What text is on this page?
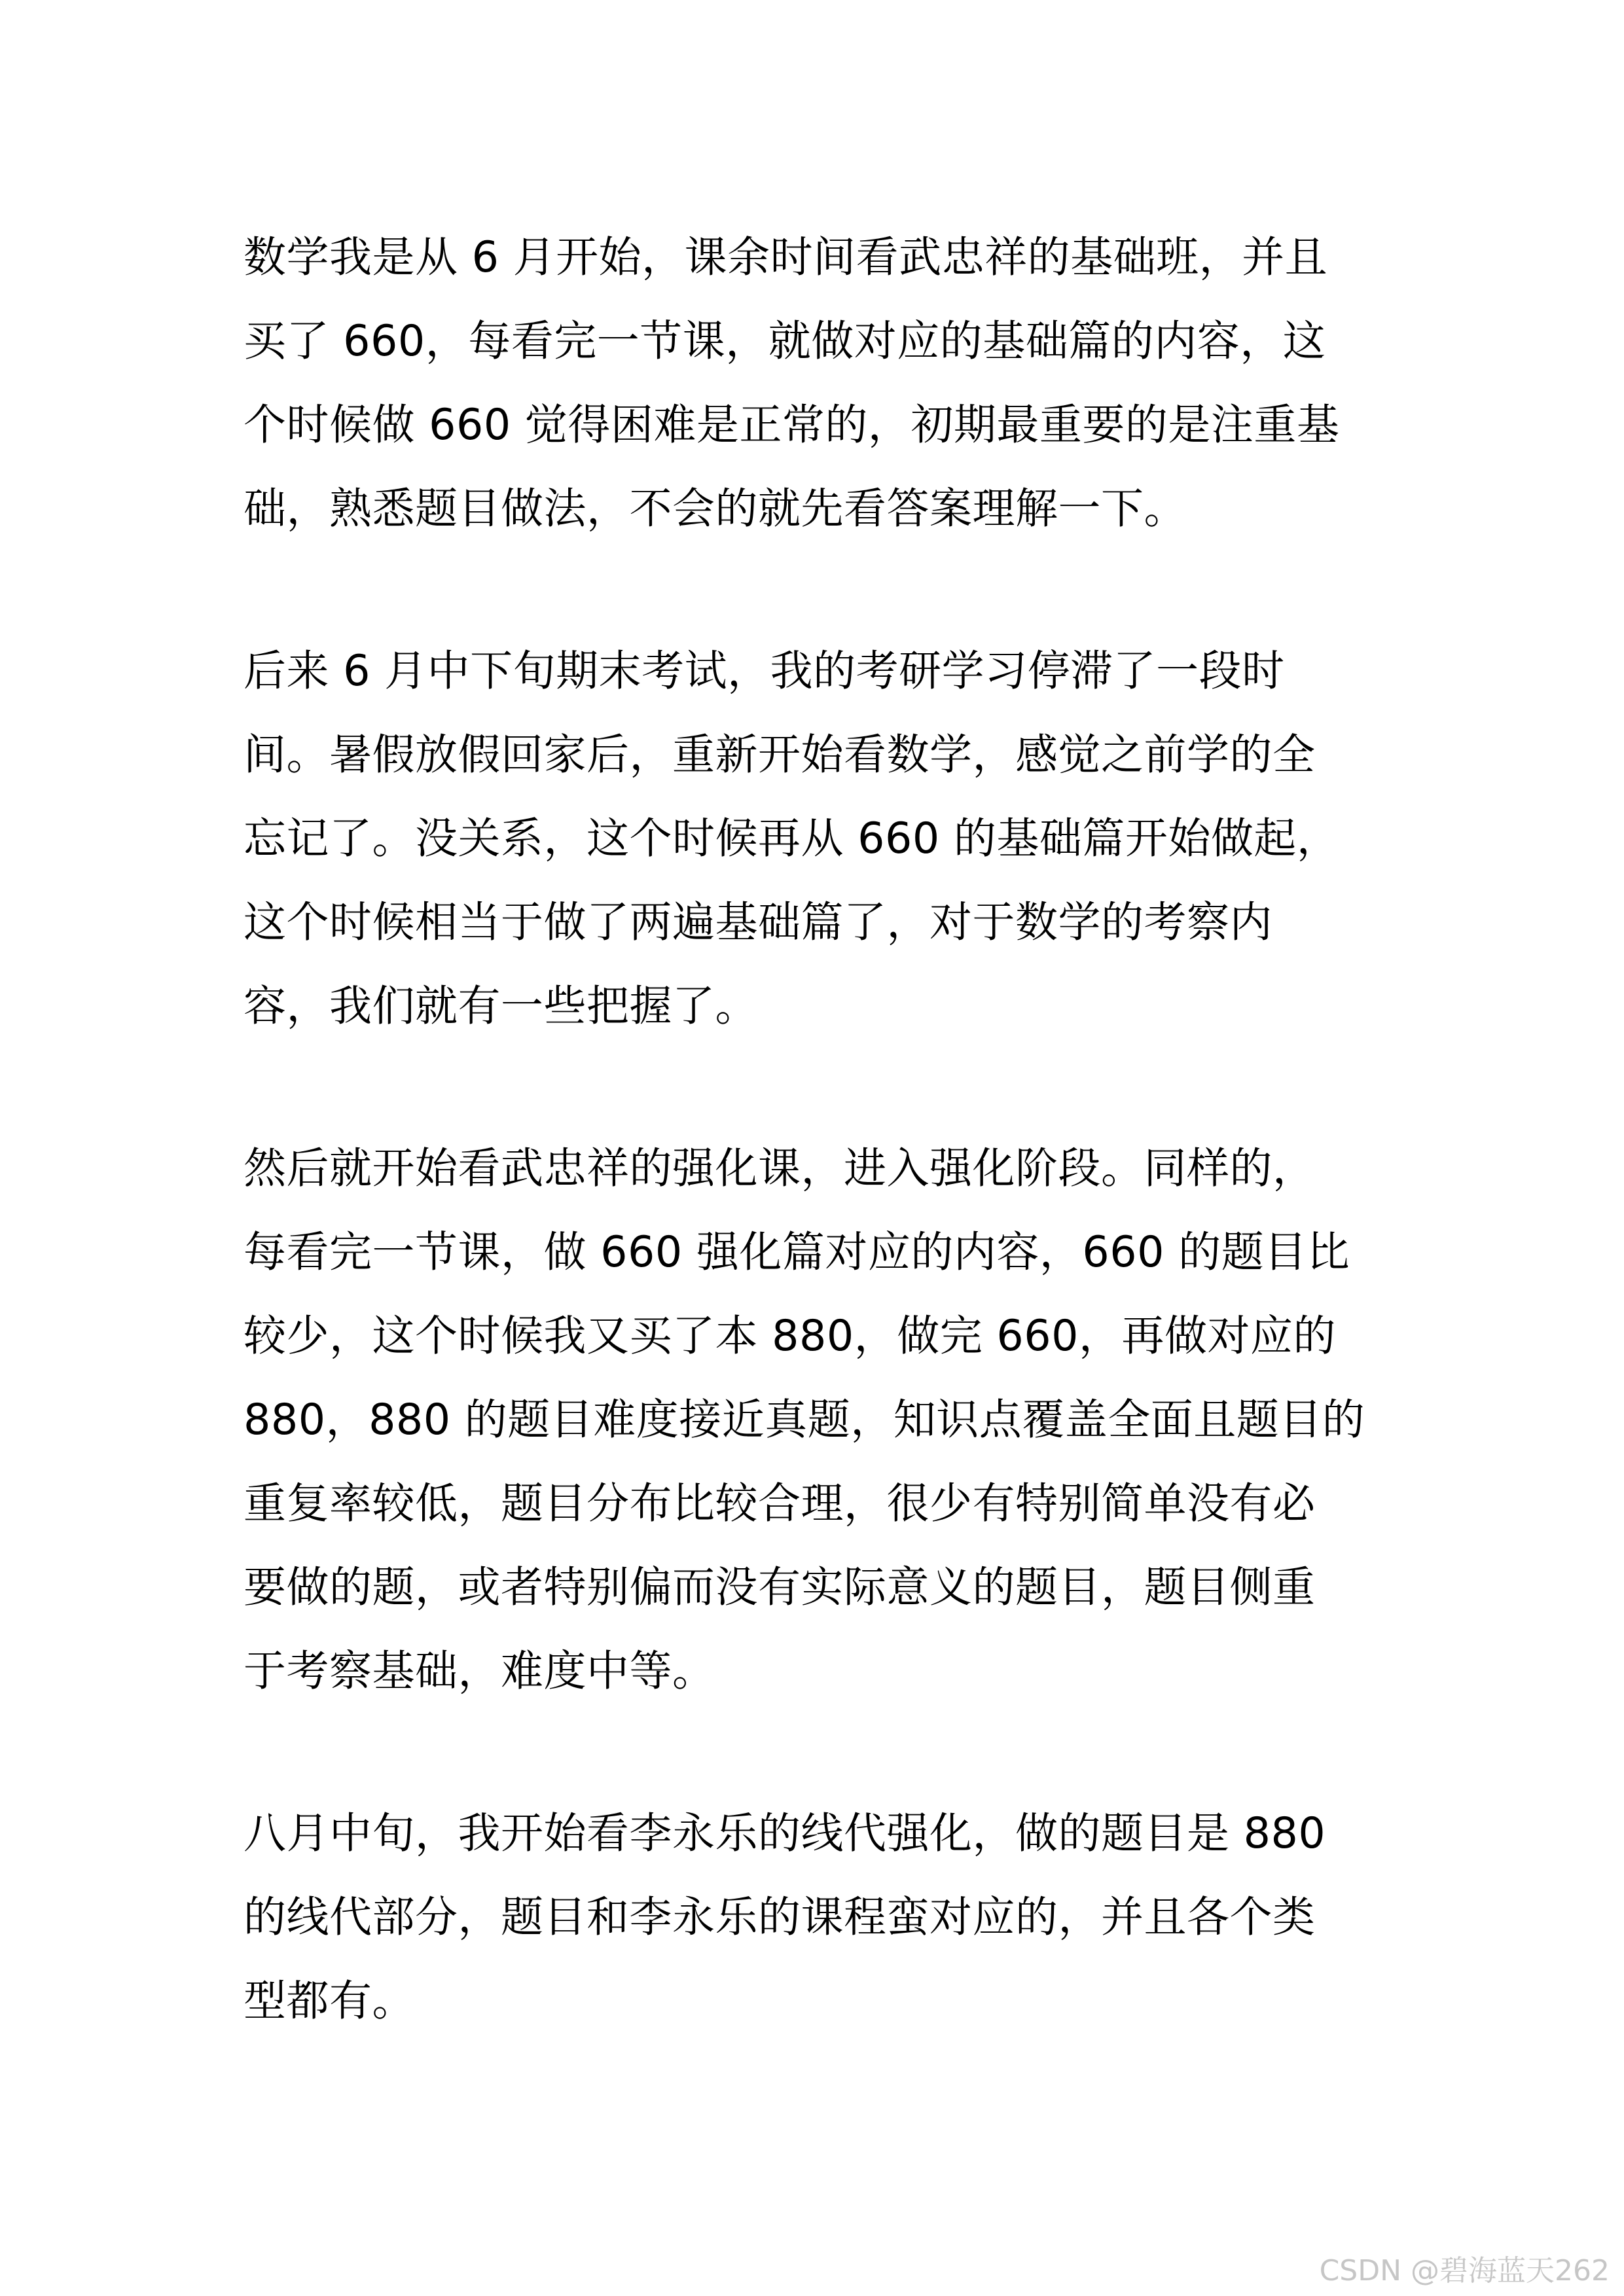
数学我是从 6 月开始，课余时间看武忠祥的基础班，并且
买了 660，每看完一节课，就做对应的基础篇的内容，这
个时候做 660 觉得困难是正常的，初期最重要的是注重基
础，熟悉题目做法，不会的就先看答案理解一下。
后来 6 月中下旬期末考试，我的考研学习停滞了一段时
间。暑假放假回家后，重新开始看数学，感觉之前学的全
忘记了。没关系，这个时候再从 660 的基础篇开始做起，
这个时候相当于做了两遍基础篇了，对于数学的考察内
容，我们就有一些把握了。
然后就开始看武忠祥的强化课，进入强化阶段。同样的，
每看完一节课，做 660 强化篇对应的内容，660 的题目比
较少，这个时候我又买了本 880，做完 660，再做对应的
880，880 的题目难度接近真题，知识点覆盖全面且题目的
重复率较低，题目分布比较合理，很少有特别简单没有必
要做的题，或者特别偏而没有实际意义的题目，题目侧重
于考察基础，难度中等。
八月中旬，我开始看李永乐的线代强化，做的题目是 880
的线代部分，题目和李永乐的课程蛮对应的，并且各个类
型都有。
CSDN @碧海蓝天262
